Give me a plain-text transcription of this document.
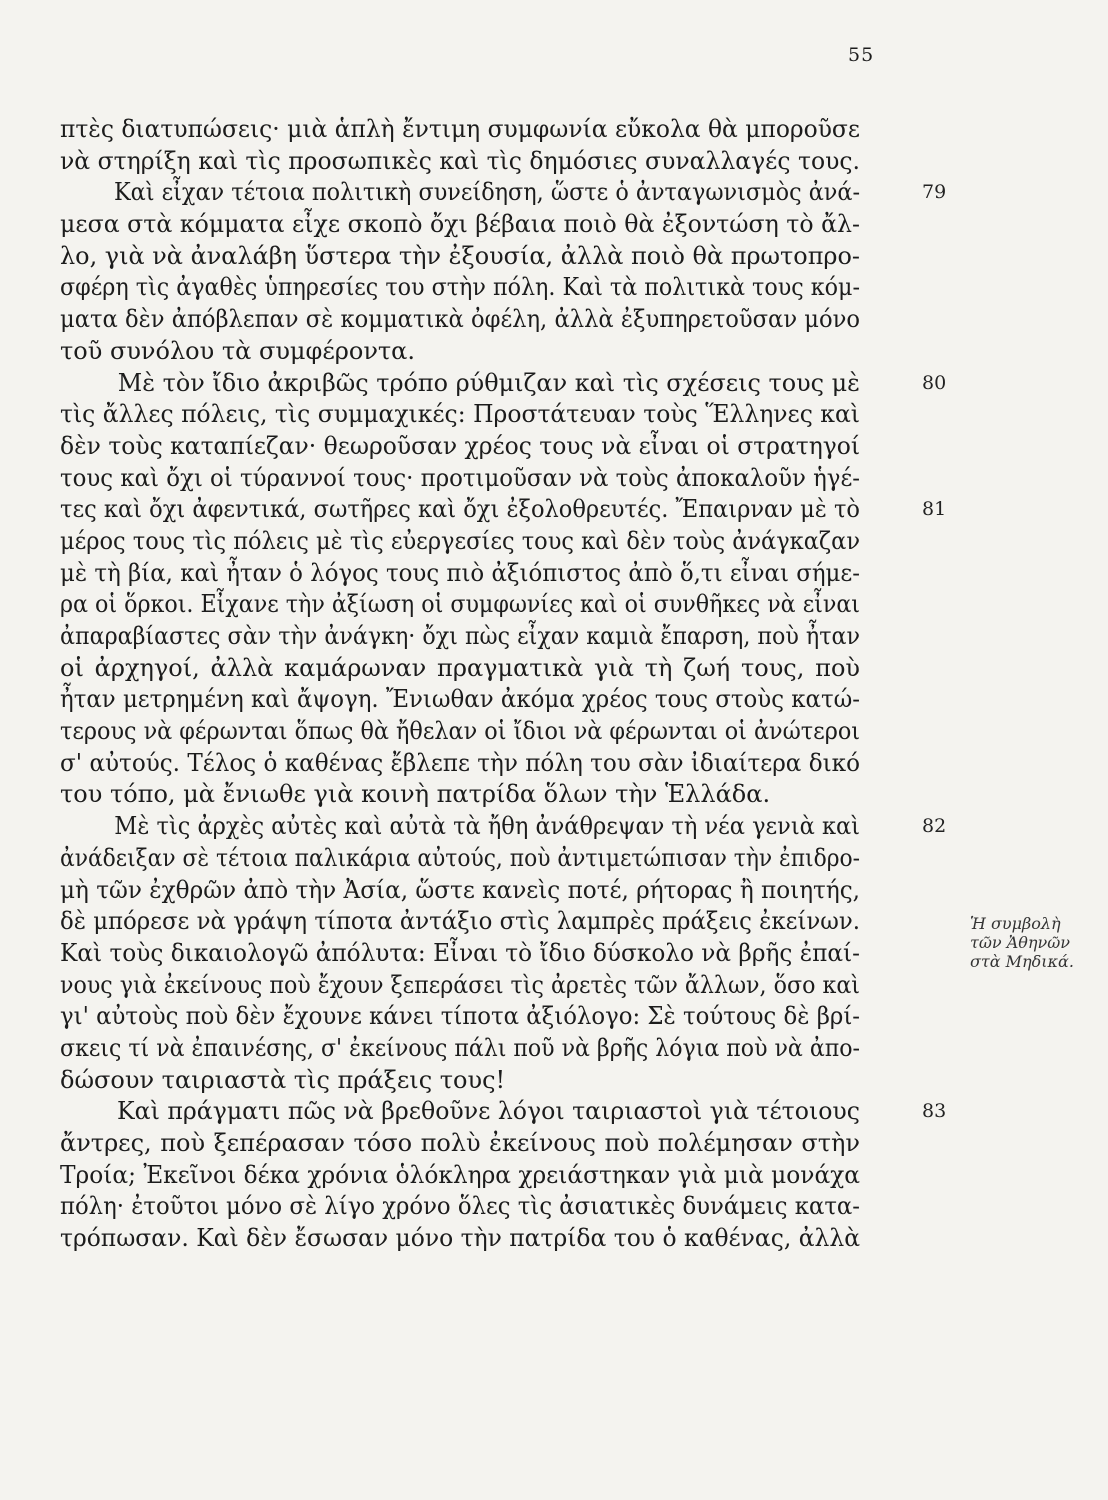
55
πτὲς διατυπώσεις· μιὰ ἁπλὴ ἔντιμη συμφωνία εὔκολα θὰ μποροῦσε
νὰ στηρίξη καὶ τὶς προσωπικὲς καὶ τὶς δημόσιες συναλλαγές τους.
Καὶ εἶχαν τέτοια πολιτικὴ συνείδηση, ὥστε ὁ ἀνταγωνισμὸς ἀνά-	79
μεσα στὰ κόμματα εἶχε σκοπὸ ὄχι βέβαια ποιὸ θὰ ἐξοντώση τὸ ἄλ-
λο, γιὰ νὰ ἀναλάβη ὕστερα τὴν ἐξουσία, ἀλλὰ ποιὸ θὰ πρωτοπρο-
σφέρη τὶς ἀγαθὲς ὑπηρεσίες του στὴν πόλη. Καὶ τὰ πολιτικὰ τους κόμ-
ματα δὲν ἀπόβλεπαν σὲ κομματικὰ ὀφέλη, ἀλλὰ ἐξυπηρετοῦσαν μόνο
τοῦ συνόλου τὰ συμφέροντα.
Μὲ τὸν ἴδιο ἀκριβῶς τρόπο ρύθμιζαν καὶ τὶς σχέσεις τους μὲ	80
τὶς ἄλλες πόλεις, τὶς συμμαχικές: Προστάτευαν τοὺς Ἕλληνες καὶ
δὲν τοὺς καταπίεζαν· θεωροῦσαν χρέος τους νὰ εἶναι οἱ στρατηγοί
τους καὶ ὄχι οἱ τύραννοί τους· προτιμοῦσαν νὰ τοὺς ἀποκαλοῦν ἡγέ-
τες καὶ ὄχι ἀφεντικά, σωτῆρες καὶ ὄχι ἐξολοθρευτές. Ἔπαιρναν μὲ τὸ	81
μέρος τους τὶς πόλεις μὲ τὶς εὐεργεσίες τους καὶ δὲν τοὺς ἀνάγκαζαν
μὲ τὴ βία, καὶ ἦταν ὁ λόγος τους πιὸ ἀξιόπιστος ἀπὸ ὅ,τι εἶναι σήμε-
ρα οἱ ὅρκοι. Εἶχανε τὴν ἀξίωση οἱ συμφωνίες καὶ οἱ συνθῆκες νὰ εἶναι
ἀπαραβίαστες σὰν τὴν ἀνάγκη· ὄχι πὼς εἶχαν καμιὰ ἔπαρση, ποὺ ἦταν
οἱ ἀρχηγοί, ἀλλὰ καμάρωναν πραγματικὰ γιὰ τὴ ζωή τους, ποὺ
ἦταν μετρημένη καὶ ἄψογη. Ἔνιωθαν ἀκόμα χρέος τους στοὺς κατώ-
τερους νὰ φέρωνται ὅπως θὰ ἤθελαν οἱ ἴδιοι νὰ φέρωνται οἱ ἀνώτεροι
σ' αὐτούς. Τέλος ὁ καθένας ἔβλεπε τὴν πόλη του σὰν ἰδιαίτερα δικό
του τόπο, μὰ ἔνιωθε γιὰ κοινὴ πατρίδα ὅλων τὴν Ἑλλάδα.
Μὲ τὶς ἀρχὲς αὐτὲς καὶ αὐτὰ τὰ ἤθη ἀνάθρεψαν τὴ νέα γενιὰ καὶ	82
ἀνάδειξαν σὲ τέτοια παλικάρια αὐτούς, ποὺ ἀντιμετώπισαν τὴν ἐπιδρο-
μὴ τῶν ἐχθρῶν ἀπὸ τὴν Ἀσία, ὥστε κανεὶς ποτέ, ρήτορας ἢ ποιητής,
δὲ μπόρεσε νὰ γράψη τίποτα ἀντάξιο στὶς λαμπρὲς πράξεις ἐκείνων.
Καὶ τοὺς δικαιολογῶ ἀπόλυτα: Εἶναι τὸ ἴδιο δύσκολο νὰ βρῆς ἐπαί-
νους γιὰ ἐκείνους ποὺ ἔχουν ξεπεράσει τὶς ἀρετὲς τῶν ἄλλων, ὅσο καὶ
γι' αὐτοὺς ποὺ δὲν ἔχουνε κάνει τίποτα ἀξιόλογο: Σὲ τούτους δὲ βρί-
σκεις τί νὰ ἐπαινέσης, σ' ἐκείνους πάλι ποῦ νὰ βρῆς λόγια ποὺ νὰ ἀπο-
δώσουν ταιριαστὰ τὶς πράξεις τους!
Καὶ πράγματι πῶς νὰ βρεθοῦνε λόγοι ταιριαστοὶ γιὰ τέτοιους	83
ἄντρες, ποὺ ξεπέρασαν τόσο πολὺ ἐκείνους ποὺ πολέμησαν στὴν
Τροία; Ἐκεῖνοι δέκα χρόνια ὁλόκληρα χρειάστηκαν γιὰ μιὰ μονάχα
πόλη· ἐτοῦτοι μόνο σὲ λίγο χρόνο ὅλες τὶς ἀσιατικὲς δυνάμεις κατα-
τρόπωσαν. Καὶ δὲν ἔσωσαν μόνο τὴν πατρίδα του ὁ καθένας, ἀλλὰ
Ἡ συμβολὴ
τῶν Ἀθηνῶν
στὰ Μηδικά.
